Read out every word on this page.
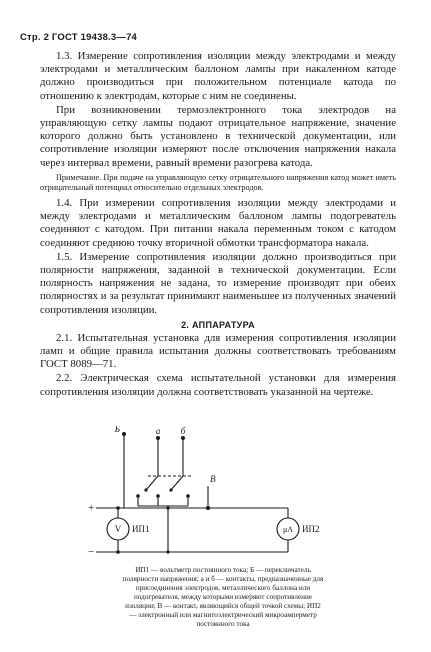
Стр. 2 ГОСТ 19438.3—74

1.3. Измерение сопротивления изоляции между электродами и между электродами и металлическим баллоном лампы при накаленном катоде должно производиться при положительном потенциале катода по отношению к электродам, которые с ним не соединены.

При возникновении термоэлектронного тока электродов на управляющую сетку лампы подают отрицательное напряжение, значение которого должно быть установлено в технической документации, или сопротивление изоляции измеряют после отключения напряжения накала через интервал времени, равный времени разогрева катода.

Примечание. При подаче на управляющую сетку отрицательного напряжения катод может иметь отрицательный потенциал относительно отдельных электродов.

1.4. При измерении сопротивления изоляции между электродами и между электродами и металлическим баллоном лампы подогреватель соединяют с катодом. При питании накала переменным током с катодом соединяют среднюю точку вторичной обмотки трансформатора накала.

1.5. Измерение сопротивления изоляции должно производиться при полярности напряжения, заданной в технической документации. Если полярность напряжения не задана, то измерение производят при обеих полярностях и за результат принимают наименьшее из полученных значений сопротивления изоляции.

2. АППАРАТУРА

2.1. Испытательная установка для измерения сопротивления изоляции ламп и общие правила испытания должны соответствовать требованиям ГОСТ 8089—71.

2.2. Электрическая схема испытательной установки для измерения сопротивления изоляции должна соответствовать указанной на чертеже.

Б	а б
В
+
−
V ИП1	μА ИП2
ИП1 — вольтметр постоянного тока; Б — переключатель полярности напряжения; а и б — контакты, предназначенные для присоединения электродов, металлического баллона или подогревателя, между которыми измеряют сопротивление изоляции; В — контакт, являющийся общей точкой схемы; ИП2 — электронный или магнитоэлектрический микроамперметр постоянного тока
